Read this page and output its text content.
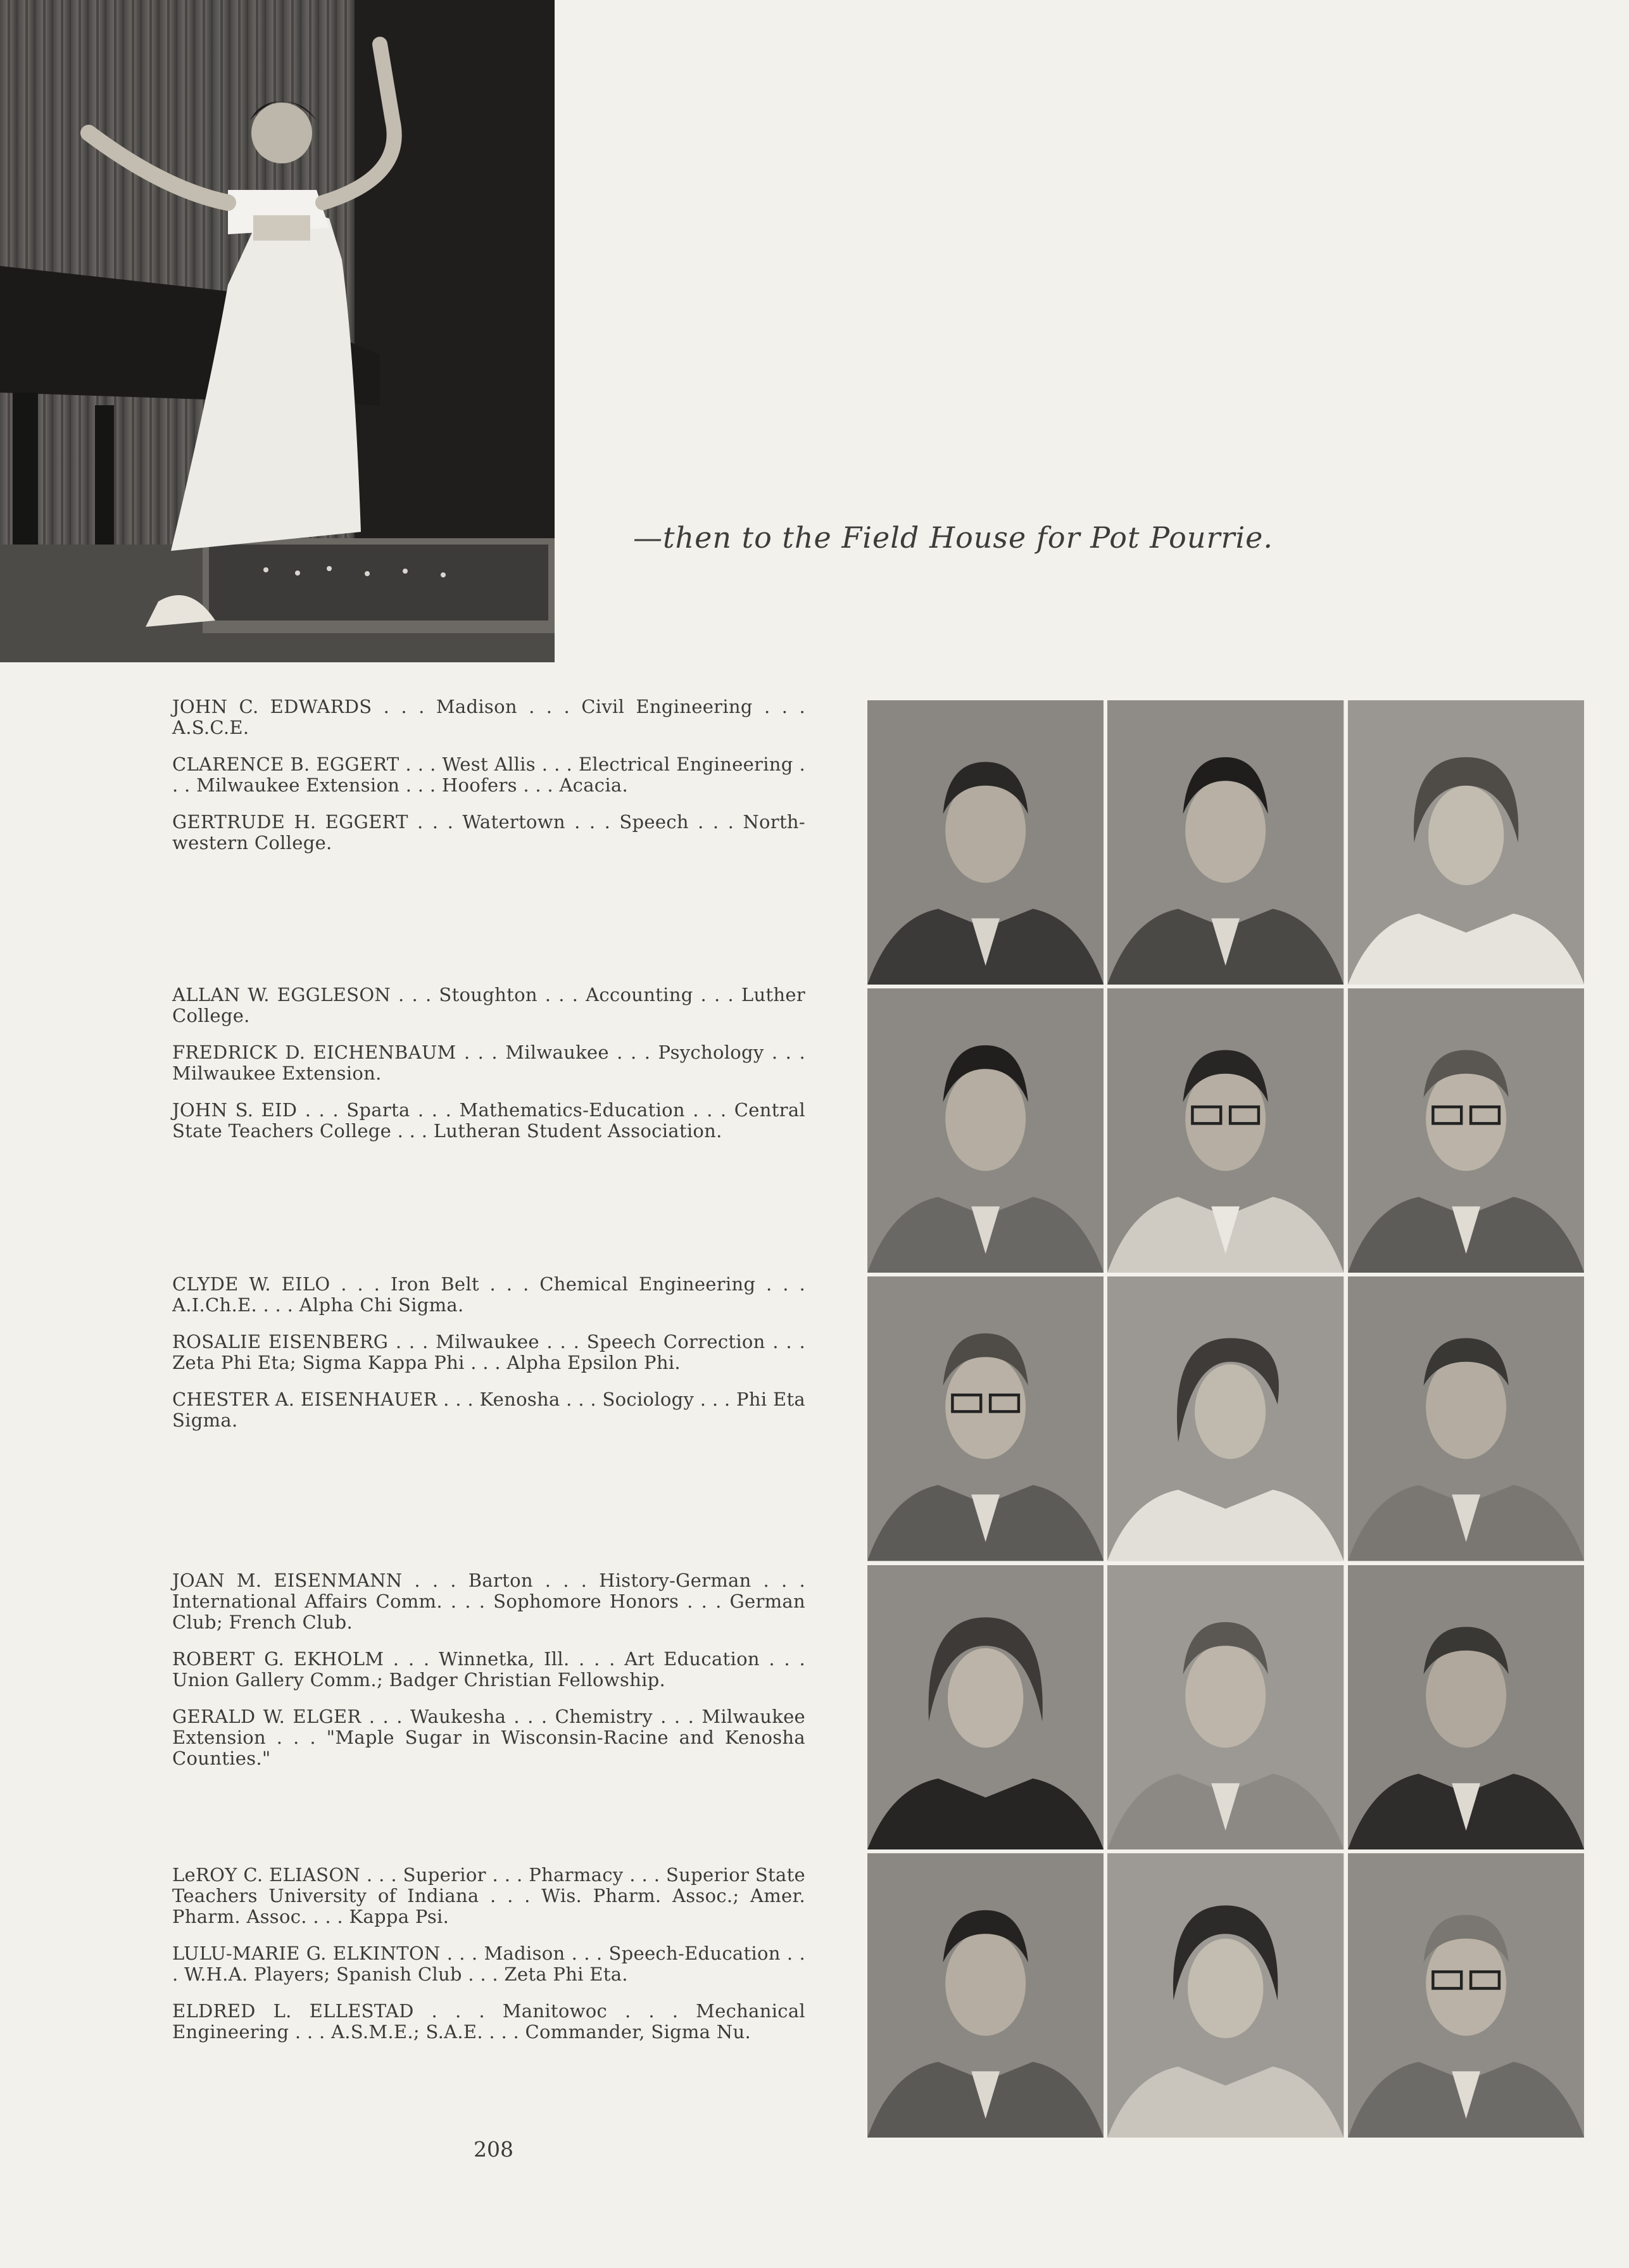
—then to the Field House for Pot Pourrie.
JOHN C. EDWARDS . . . Madison . . . Civil Engineering . . . A.S.C.E.
CLARENCE B. EGGERT . . . West Allis . . . Electrical Engineering . . . Milwaukee Extension . . . Hoofers . . . Acacia.
GERTRUDE H. EGGERT . . . Watertown . . . Speech . . . North-western College.
ALLAN W. EGGLESON . . . Stoughton . . . Accounting . . . Luther College.
FREDRICK D. EICHENBAUM . . . Milwaukee . . . Psychology . . . Milwaukee Extension.
JOHN S. EID . . . Sparta . . . Mathematics-Education . . . Central State Teachers College . . . Lutheran Student Association.
CLYDE W. EILO . . . Iron Belt . . . Chemical Engineering . . . A.I.Ch.E. . . . Alpha Chi Sigma.
ROSALIE EISENBERG . . . Milwaukee . . . Speech Correction . . . Zeta Phi Eta; Sigma Kappa Phi . . . Alpha Epsilon Phi.
CHESTER A. EISENHAUER . . . Kenosha . . . Sociology . . . Phi Eta Sigma.
JOAN M. EISENMANN . . . Barton . . . History-German . . . International Affairs Comm. . . . Sophomore Honors . . . German Club; French Club.
ROBERT G. EKHOLM . . . Winnetka, Ill. . . . Art Education . . . Union Gallery Comm.; Badger Christian Fellowship.
GERALD W. ELGER . . . Waukesha . . . Chemistry . . . Milwaukee Extension . . . "Maple Sugar in Wisconsin-Racine and Kenosha Counties."
LeROY C. ELIASON . . . Superior . . . Pharmacy . . . Superior State Teachers University of Indiana . . . Wis. Pharm. Assoc.; Amer. Pharm. Assoc. . . . Kappa Psi.
LULU-MARIE G. ELKINTON . . . Madison . . . Speech-Education . . . W.H.A. Players; Spanish Club . . . Zeta Phi Eta.
ELDRED L. ELLESTAD . . . Manitowoc . . . Mechanical Engineering . . . A.S.M.E.; S.A.E. . . . Commander, Sigma Nu.
208
